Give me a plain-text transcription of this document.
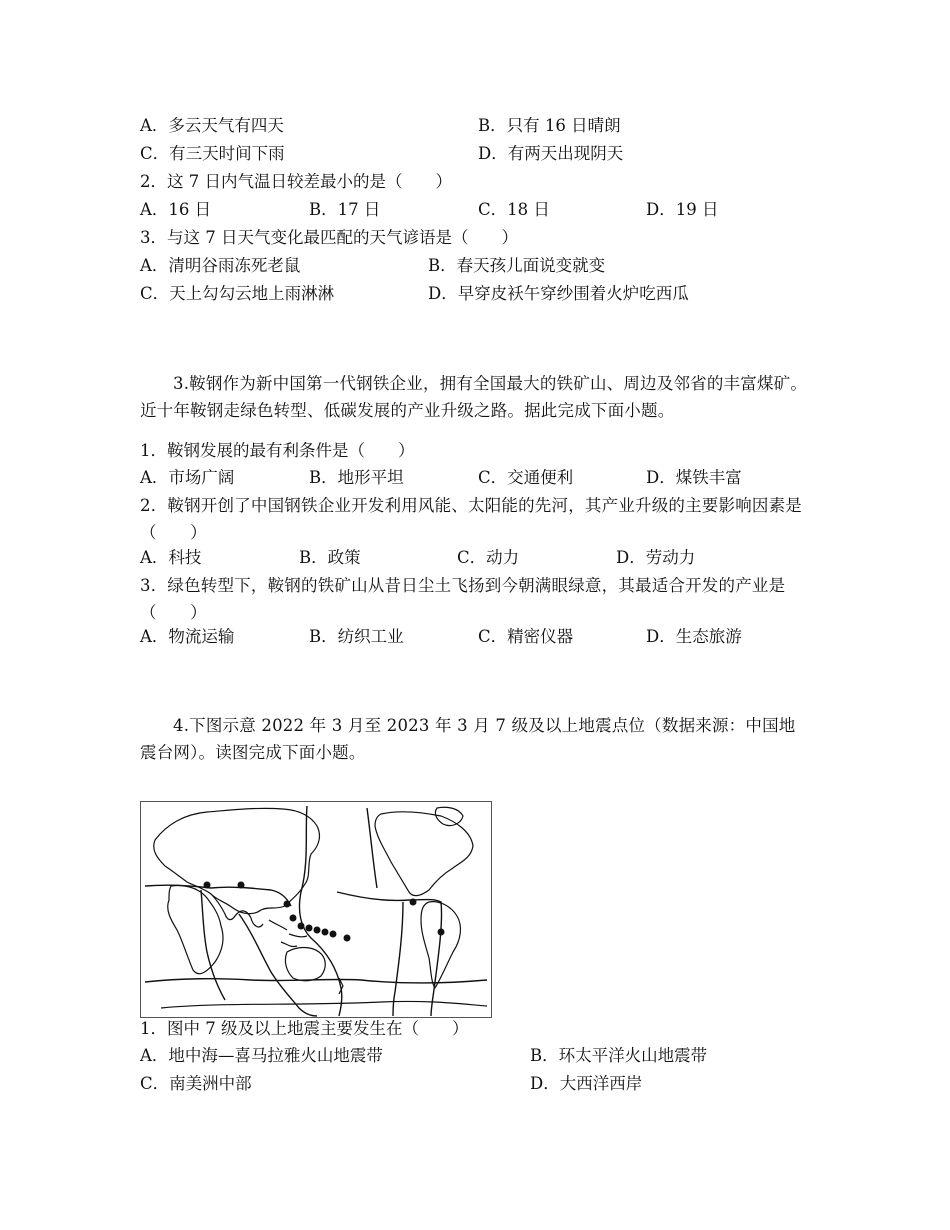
A．多云天气有四天	B．只有 16 日晴朗
C．有三天时间下雨	D．有两天出现阴天
2．这 7 日内气温日较差最小的是（　　）
A．16 日	B．17 日	C．18 日	D．19 日
3．与这 7 日天气变化最匹配的天气谚语是（　　）
A．清明谷雨冻死老鼠	B．春天孩儿面说变就变
C．天上勾勾云地上雨淋淋	D．早穿皮袄午穿纱围着火炉吃西瓜
3.鞍钢作为新中国第一代钢铁企业，拥有全国最大的铁矿山、周边及邻省的丰富煤矿。近十年鞍钢走绿色转型、低碳发展的产业升级之路。据此完成下面小题。
1．鞍钢发展的最有利条件是（　　）
A．市场广阔	B．地形平坦	C．交通便利	D．煤铁丰富
2．鞍钢开创了中国钢铁企业开发利用风能、太阳能的先河，其产业升级的主要影响因素是（　　）
A．科技	B．政策	C．动力	D．劳动力
3．绿色转型下，鞍钢的铁矿山从昔日尘土飞扬到今朝满眼绿意，其最适合开发的产业是（　　）
A．物流运输	B．纺织工业	C．精密仪器	D．生态旅游
4.下图示意 2022 年 3 月至 2023 年 3 月 7 级及以上地震点位（数据来源：中国地震台网）。读图完成下面小题。
1．图中 7 级及以上地震主要发生在（　　）
A．地中海—喜马拉雅火山地震带	B．环太平洋火山地震带
C．南美洲中部	D．大西洋西岸
